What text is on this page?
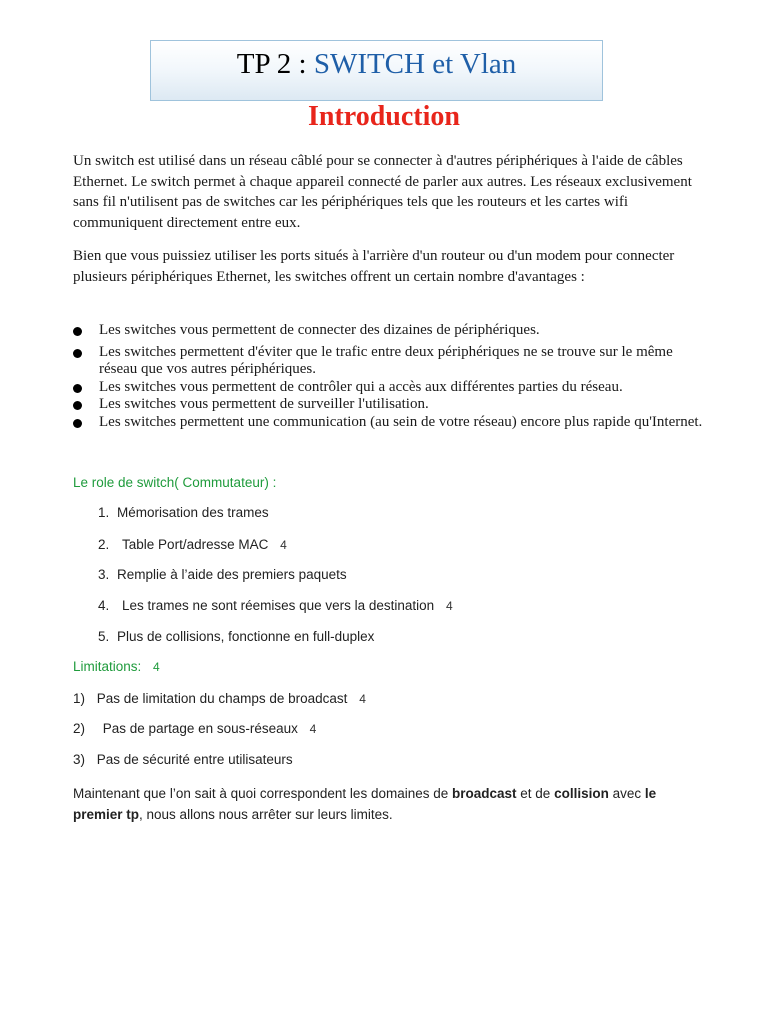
TP 2 : SWITCH et Vlan
Introduction

Un switch est utilisé dans un réseau câblé pour se connecter à d'autres périphériques à l'aide de câbles Ethernet. Le switch permet à chaque appareil connecté de parler aux autres. Les réseaux exclusivement sans fil n'utilisent pas de switches car les périphériques tels que les routeurs et les cartes wifi communiquent directement entre eux.

Bien que vous puissiez utiliser les ports situés à l'arrière d'un routeur ou d'un modem pour connecter plusieurs périphériques Ethernet, les switches offrent un certain nombre d'avantages :

Les switches vous permettent de connecter des dizaines de périphériques.
Les switches permettent d'éviter que le trafic entre deux périphériques ne se trouve sur le même réseau que vos autres périphériques.
Les switches vous permettent de contrôler qui a accès aux différentes parties du réseau.
Les switches vous permettent de surveiller l'utilisation.
Les switches permettent une communication (au sein de votre réseau) encore plus rapide qu'Internet.
Le role de switch( Commutateur) :
1. Mémorisation des trames
2. Table Port/adresse MAC 4
3. Remplie à l’aide des premiers paquets
4. Les trames ne sont réemises que vers la destination 4
5. Plus de collisions, fonctionne en full-duplex
Limitations: 4
1) Pas de limitation du champs de broadcast 4
2) Pas de partage en sous-réseaux 4
3) Pas de sécurité entre utilisateurs
Maintenant que l’on sait à quoi correspondent les domaines de broadcast et de collision avec le premier tp, nous allons nous arrêter sur leurs limites.
